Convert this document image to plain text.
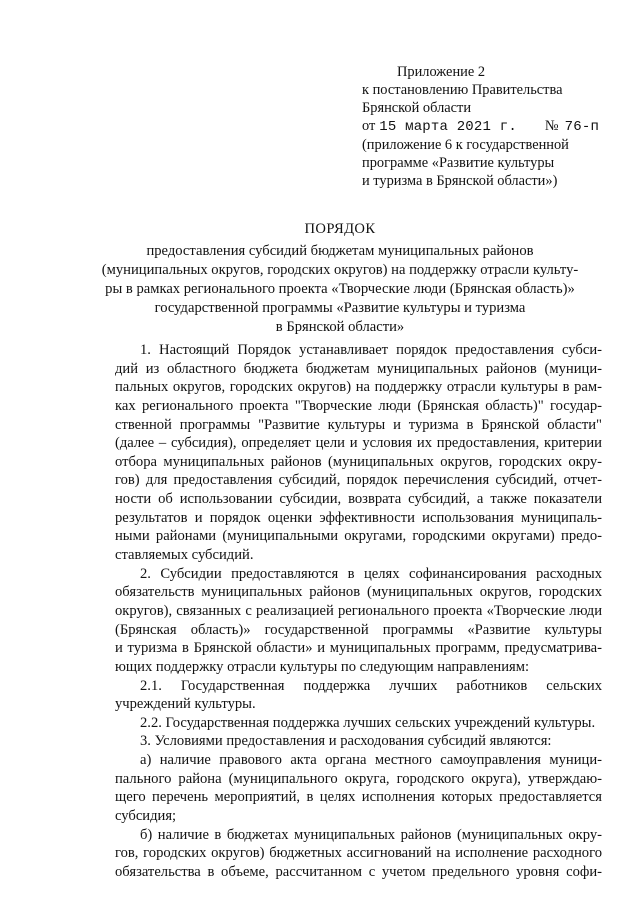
Приложение 2
к постановлению Правительства
Брянской области
от 15 марта 2021 г. № 76-п
(приложение 6 к государственной
программе «Развитие культуры
и туризма в Брянской области»)
ПОРЯДОК
предоставления субсидий бюджетам муниципальных районов
(муниципальных округов, городских округов) на поддержку отрасли культу-
ры в рамках регионального проекта «Творческие люди (Брянская область)»
государственной программы «Развитие культуры и туризма
в Брянской области»
1. Настоящий Порядок устанавливает порядок предоставления субси-
дий из областного бюджета бюджетам муниципальных районов (муници-
пальных округов, городских округов) на поддержку отрасли культуры в рам-
ках регионального проекта "Творческие люди (Брянская область)" государ-
ственной программы "Развитие культуры и туризма в Брянской области"
(далее – субсидия), определяет цели и условия их предоставления, критерии
отбора муниципальных районов (муниципальных округов, городских окру-
гов) для предоставления субсидий, порядок перечисления субсидий, отчет-
ности об использовании субсидии, возврата субсидий, а также показатели
результатов и порядок оценки эффективности использования муниципаль-
ными районами (муниципальными округами, городскими округами) предо-
ставляемых субсидий.
2. Субсидии предоставляются в целях софинансирования расходных
обязательств муниципальных районов (муниципальных округов, городских
округов), связанных с реализацией регионального проекта «Творческие люди
(Брянская область)» государственной программы «Развитие культуры
и туризма в Брянской области» и муниципальных программ, предусматрива-
ющих поддержку отрасли культуры по следующим направлениям:
2.1. Государственная поддержка лучших работников сельских
учреждений культуры.
2.2. Государственная поддержка лучших сельских учреждений культуры.
3. Условиями предоставления и расходования субсидий являются:
а) наличие правового акта органа местного самоуправления муници-
пального района (муниципального округа, городского округа), утверждаю-
щего перечень мероприятий, в целях исполнения которых предоставляется
субсидия;
б) наличие в бюджетах муниципальных районов (муниципальных окру-
гов, городских округов) бюджетных ассигнований на исполнение расходного
обязательства в объеме, рассчитанном с учетом предельного уровня софи-
